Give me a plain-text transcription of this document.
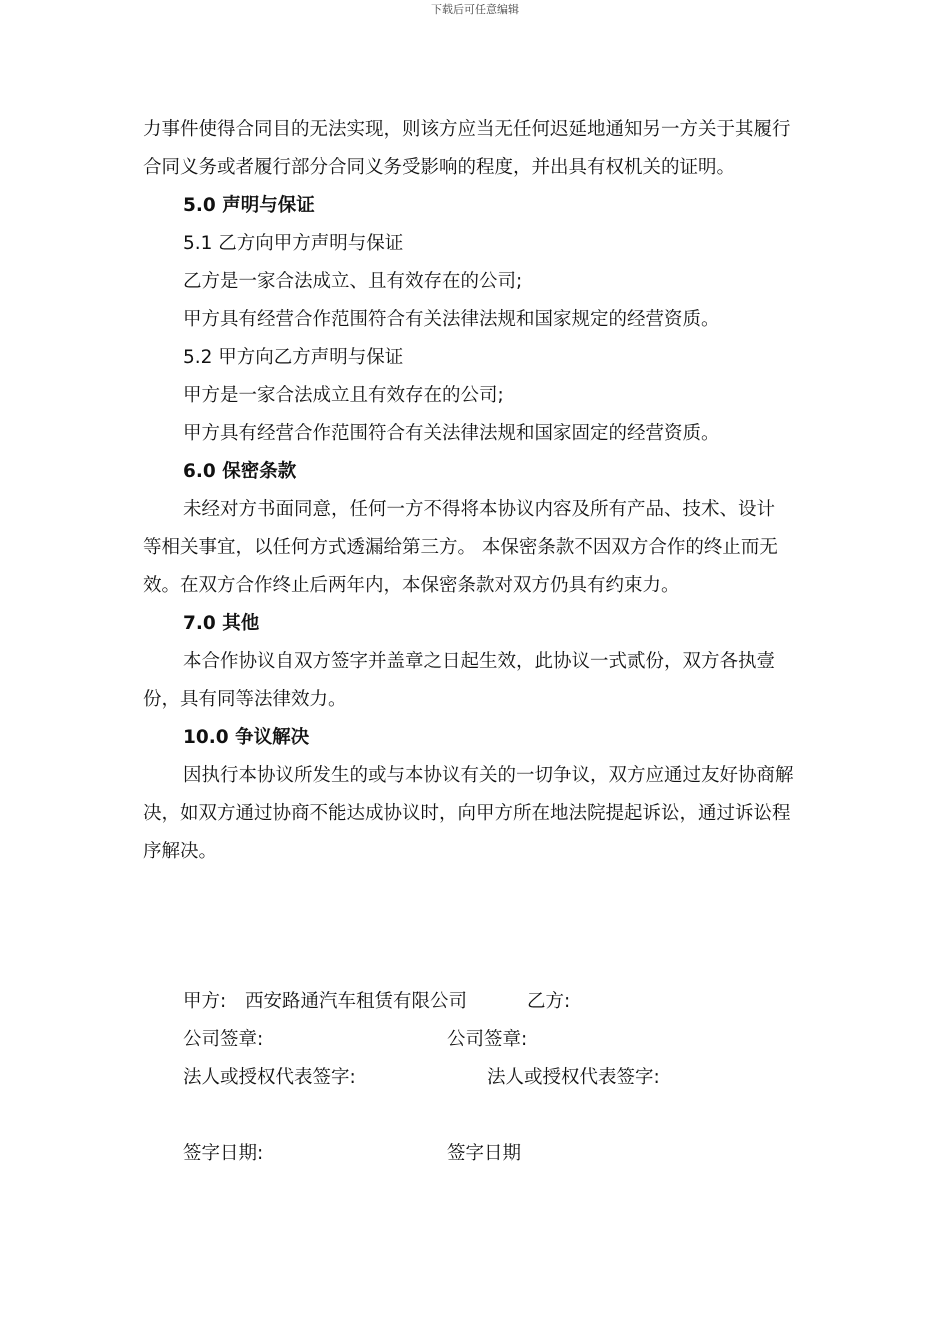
下载后可任意编辑
力事件使得合同目的无法实现，则该方应当无任何迟延地通知另一方关于其履行
合同义务或者履行部分合同义务受影响的程度，并出具有权机关的证明。
5.0 声明与保证
5.1 乙方向甲方声明与保证
乙方是一家合法成立、且有效存在的公司;
甲方具有经营合作范围符合有关法律法规和国家规定的经营资质。
5.2 甲方向乙方声明与保证
甲方是一家合法成立且有效存在的公司;
甲方具有经营合作范围符合有关法律法规和国家固定的经营资质。
6.0 保密条款
未经对方书面同意，任何一方不得将本协议内容及所有产品、技术、设计
等相关事宜，以任何方式透漏给第三方。 本保密条款不因双方合作的终止而无
效。在双方合作终止后两年内，本保密条款对双方仍具有约束力。
7.0 其他
本合作协议自双方签字并盖章之日起生效，此协议一式贰份，双方各执壹
份，具有同等法律效力。
10.0 争议解决
因执行本协议所发生的或与本协议有关的一切争议，双方应通过友好协商解
决，如双方通过协商不能达成协议时，向甲方所在地法院提起诉讼，通过诉讼程
序解决。
甲方: 西安路通汽车租赁有限公司	乙方:
公司签章:	公司签章:
法人或授权代表签字:	法人或授权代表签字:
签字日期:	签字日期
